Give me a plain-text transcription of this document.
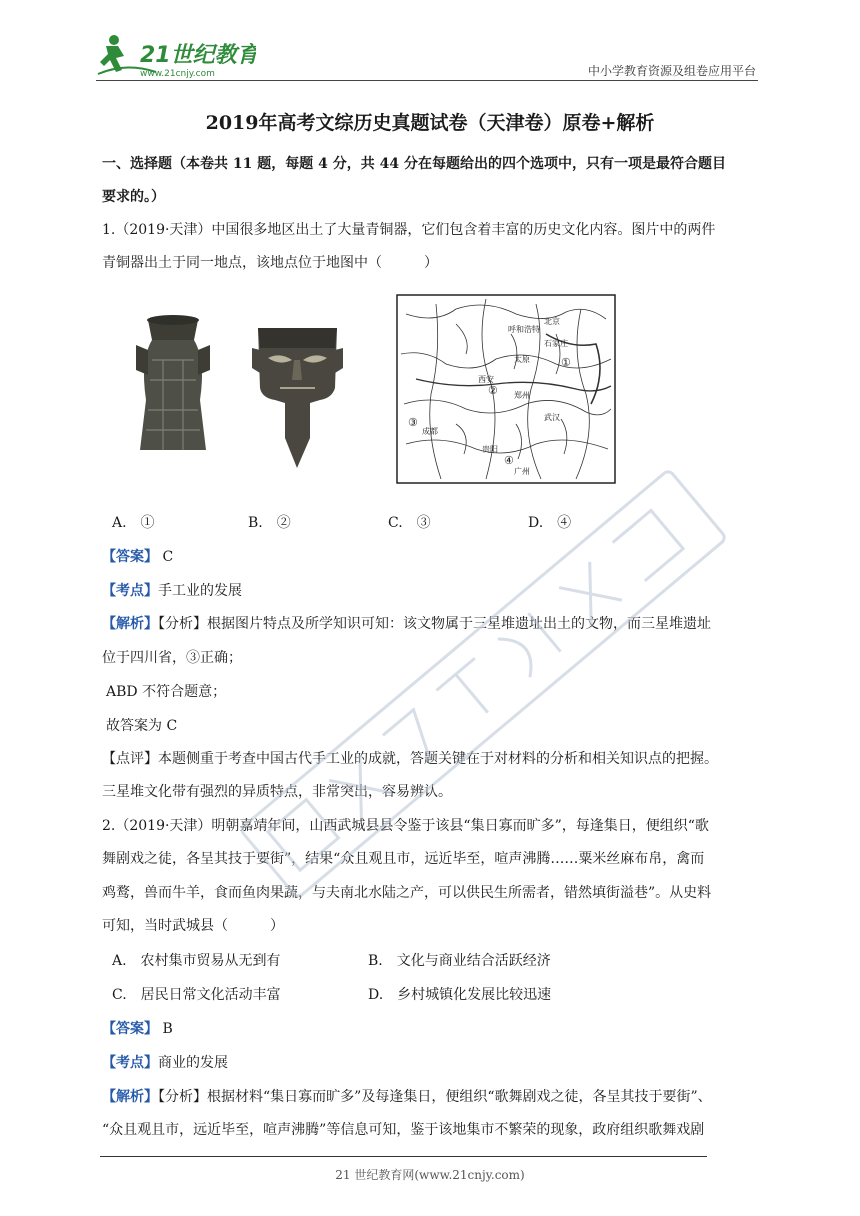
21世纪教育
www.21cnjy.com	中小学教育资源及组卷应用平台
2019年高考文综历史真题试卷（天津卷）原卷+解析
一、选择题（本卷共 11 题，每题 4 分，共 44 分在每题给出的四个选项中，只有一项是最符合题目
要求的。）
1.（2019·天津）中国很多地区出土了大量青铜器，它们包含着丰富的历史文化内容。图片中的两件
青铜器出土于同一地点，该地点位于地图中（　　　）
呼和浩特
北京
石家庄
太原	①
②
西安
郑州
③
成都
贵阳
④
广州
武汉
A.　①	B.　②	C.　③	D.　④
【答案】 C
【考点】手工业的发展
【解析】【分析】根据图片特点及所学知识可知：该文物属于三星堆遗址出土的文物，而三星堆遗址
位于四川省，③正确；
ABD 不符合题意；
故答案为 C
【点评】本题侧重于考查中国古代手工业的成就，答题关键在于对材料的分析和相关知识点的把握。
三星堆文化带有强烈的异质特点，非常突出，容易辨认。
2.（2019·天津）明朝嘉靖年间，山西武城县县令鉴于该县“集日寡而旷多”，每逢集日，便组织“歌
舞剧戏之徒，各呈其技于要街”，结果“众且观且市，远近毕至，喧声沸腾……粟米丝麻布帛，禽而
鸡鹜，兽而牛羊，食而鱼肉果蔬，与夫南北水陆之产，可以供民生所需者，错然填街溢巷”。从史料
可知，当时武城县（　　　）
A.　农村集市贸易从无到有	B.　文化与商业结合活跃经济
C.　居民日常文化活动丰富	D.　乡村城镇化发展比较迅速
【答案】 B
【考点】商业的发展
【解析】【分析】根据材料“集日寡而旷多”及每逢集日，便组织“歌舞剧戏之徒，各呈其技于要街”、
“众且观且市，远近毕至，喧声沸腾”等信息可知，鉴于该地集市不繁荣的现象，政府组织歌舞戏剧
21 世纪教育网(www.21cnjy.com)
